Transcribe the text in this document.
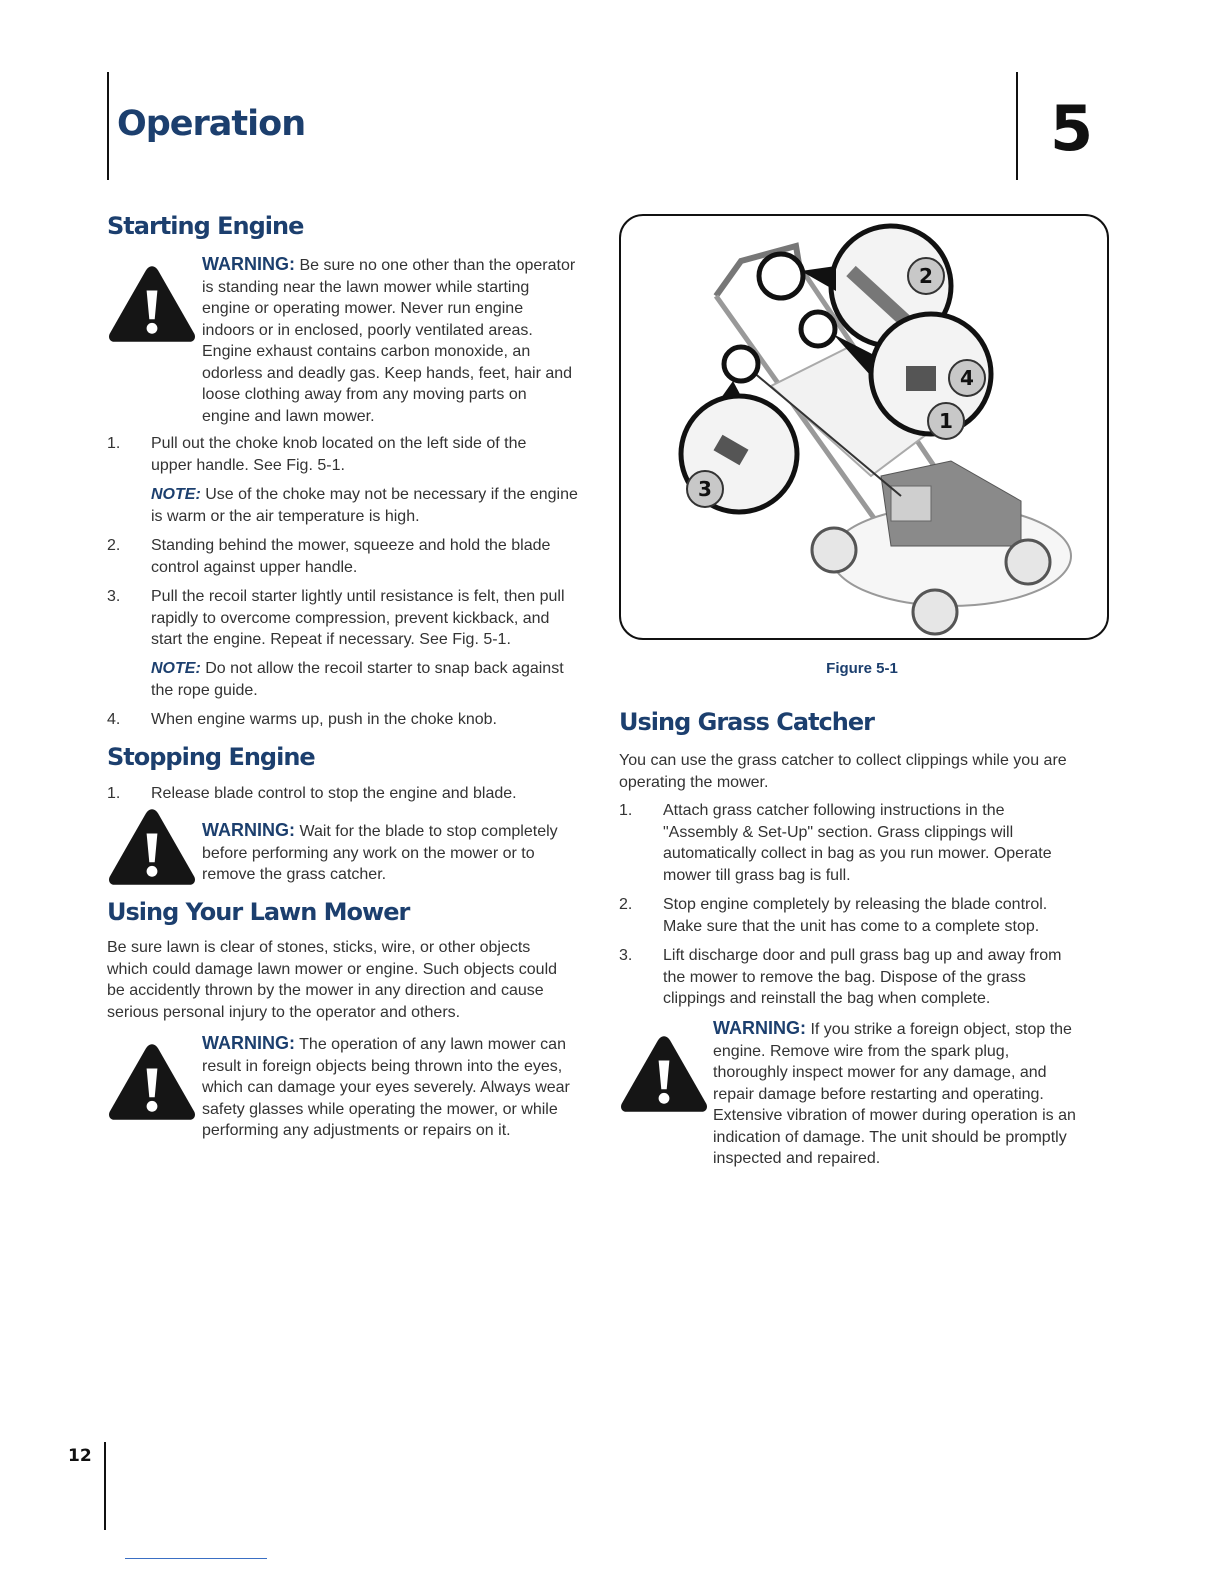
Operation	5
Starting Engine
WARNING: Be sure no one other than the operator
is standing near the lawn mower while starting
engine or operating mower. Never run engine
indoors or in enclosed, poorly ventilated areas.
Engine exhaust contains carbon monoxide, an
odorless and deadly gas. Keep hands, feet, hair and
loose clothing away from any moving parts on
engine and lawn mower.
1. Pull out the choke knob located on the left side of the
upper handle. See Fig. 5-1.
NOTE: Use of the choke may not be necessary if the engine
is warm or the air temperature is high.
2. Standing behind the mower, squeeze and hold the blade
control against upper handle.
3. Pull the recoil starter lightly until resistance is felt, then pull
rapidly to overcome compression, prevent kickback, and
start the engine. Repeat if necessary. See Fig. 5-1.
NOTE: Do not allow the recoil starter to snap back against
the rope guide.
4. When engine warms up, push in the choke knob.
Stopping Engine
1. Release blade control to stop the engine and blade.
WARNING: Wait for the blade to stop completely
before performing any work on the mower or to
remove the grass catcher.
Using Your Lawn Mower
Be sure lawn is clear of stones, sticks, wire, or other objects
which could damage lawn mower or engine. Such objects could
be accidently thrown by the mower in any direction and cause
serious personal injury to the operator and others.
WARNING: The operation of any lawn mower can
result in foreign objects being thrown into the eyes,
which can damage your eyes severely. Always wear
safety glasses while operating the mower, or while
performing any adjustments or repairs on it.
2
4
1
3
Figure 5-1
Using Grass Catcher
You can use the grass catcher to collect clippings while you are
operating the mower.
1. Attach grass catcher following instructions in the
"Assembly & Set-Up" section. Grass clippings will
automatically collect in bag as you run mower. Operate
mower till grass bag is full.
2. Stop engine completely by releasing the blade control.
Make sure that the unit has come to a complete stop.
3. Lift discharge door and pull grass bag up and away from
the mower to remove the bag. Dispose of the grass
clippings and reinstall the bag when complete.
WARNING: If you strike a foreign object, stop the
engine. Remove wire from the spark plug,
thoroughly inspect mower for any damage, and
repair damage before restarting and operating.
Extensive vibration of mower during operation is an
indication of damage. The unit should be promptly
inspected and repaired.
12
